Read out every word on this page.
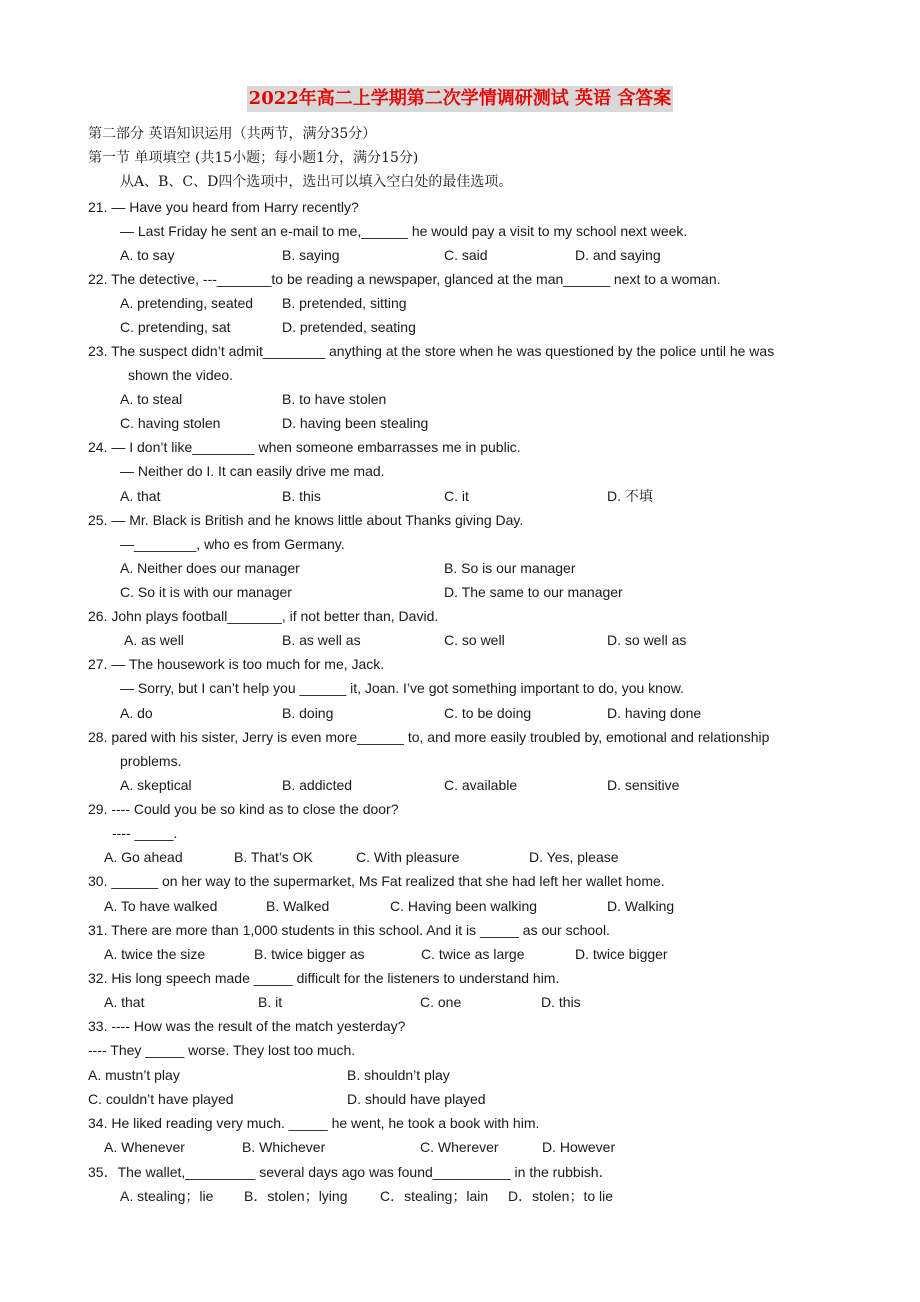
2022年高二上学期第二次学情调研测试 英语 含答案
第二部分 英语知识运用（共两节，满分35分）
第一节 单项填空 (共15小题；每小题1分，满分15分)
从A、B、C、D四个选项中，选出可以填入空白处的最佳选项。
21. — Have you heard from Harry recently?
— Last Friday he sent an e-mail to me,______ he would pay a visit to my school next week.
A. to say	B. saying	C. said	D. and saying
22. The detective, ---_______to be reading a newspaper, glanced at the man______ next to a woman.
A. pretending, seated B. pretended, sitting
C. pretending, sat	D. pretended, seating
23. The suspect didn’t admit________ anything at the store when he was questioned by the police until he was
shown the video.
A. to steal	B. to have stolen
C. having stolen	D. having been stealing
24. — I don’t like________ when someone embarrasses me in public.
— Neither do I. It can easily drive me mad.
A. that	B. this	C. it	D. 不填
25. — Mr. Black is British and he knows little about Thanks giving Day.
—________, who es from Germany.
A. Neither does our manager	B. So is our manager
C. So it is with our manager	D. The same to our manager
26. John plays football_______, if not better than, David.
A. as well	B. as well as	C. so well	D. so well as
27. — The housework is too much for me, Jack.
— Sorry, but I can’t help you ______ it, Joan. I’ve got something important to do, you know.
A. do	B. doing	C. to be doing	D. having done
28. pared with his sister, Jerry is even more______ to, and more easily troubled by, emotional and relationship
problems.
A. skeptical	B. addicted	C. available	D. sensitive
29. ---- Could you be so kind as to close the door?
---- _____.
A. Go ahead	B. That’s OK	C. With pleasure	D. Yes, please
30. ______ on her way to the supermarket, Ms Fat realized that she had left her wallet home.
A. To have walked	B. Walked	C. Having been walking	D. Walking
31. There are more than 1,000 students in this school. And it is _____ as our school.
A. twice the size	B. twice bigger as	C. twice as large	D. twice bigger
32. His long speech made _____ difficult for the listeners to understand him.
A. that	B. it	C. one	D. this
33. ---- How was the result of the match yesterday?
---- They _____ worse. They lost too much.
A. mustn’t play	B. shouldn’t play
C. couldn’t have played	D. should have played
34. He liked reading very much. _____ he went, he took a book with him.
A. Whenever	B. Whichever	C. Wherever	D. However
35．The wallet,_________ several days ago was found__________ in the rubbish．
A. stealing；lie B．stolen；lying C．stealing；lain D．stolen；to lie
